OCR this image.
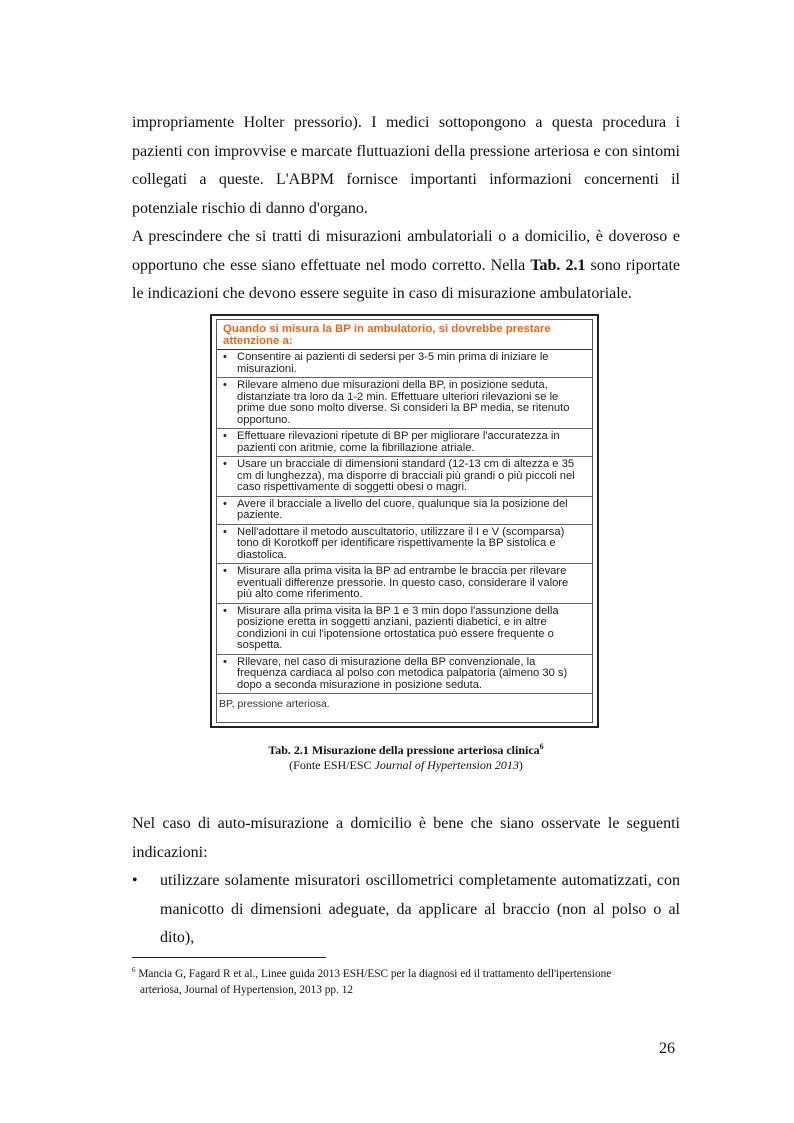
impropriamente Holter pressorio). I medici sottopongono a questa procedura i pazienti con improvvise e marcate fluttuazioni della pressione arteriosa e con sintomi collegati a queste. L'ABPM fornisce importanti informazioni concernenti il potenziale rischio di danno d'organo.

A prescindere che si tratti di misurazioni ambulatoriali o a domicilio, è doveroso e opportuno che esse siano effettuate nel modo corretto. Nella Tab. 2.1 sono riportate le indicazioni che devono essere seguite in caso di misurazione ambulatoriale.

Quando si misura la BP in ambulatorio, si dovrebbe prestare attenzione a:
• Consentire ai pazienti di sedersi per 3-5 min prima di iniziare le misurazioni.
• Rilevare almeno due misurazioni della BP, in posizione seduta, distanziate tra loro da 1-2 min. Effettuare ulteriori rilevazioni se le prime due sono molto diverse. Si consideri la BP media, se ritenuto opportuno.
• Effettuare rilevazioni ripetute di BP per migliorare l'accuratezza in pazienti con aritmie, come la fibrillazione atriale.
• Usare un bracciale di dimensioni standard (12-13 cm di altezza e 35 cm di lunghezza), ma disporre di bracciali più grandi o più piccoli nel caso rispettivamente di soggetti obesi o magri.
• Avere il bracciale a livello del cuore, qualunque sia la posizione del paziente.
• Nell'adottare il metodo auscultatorio, utilizzare il I e V (scomparsa) tono di Korotkoff per identificare rispettivamente la BP sistolica e diastolica.
• Misurare alla prima visita la BP ad entrambe le braccia per rilevare eventuali differenze pressorie. In questo caso, considerare il valore più alto come riferimento.
• Misurare alla prima visita la BP 1 e 3 min dopo l'assunzione della posizione eretta in soggetti anziani, pazienti diabetici, e in altre condizioni in cui l'ipotensione ortostatica può essere frequente o sospetta.
• Rilevare, nel caso di misurazione della BP convenzionale, la frequenza cardiaca al polso con metodica palpatoria (almeno 30 s) dopo a seconda misurazione in posizione seduta.
BP, pressione arteriosa.
Tab. 2.1 Misurazione della pressione arteriosa clinica$^6$
(Fonte ESH/ESC Journal of Hypertension 2013)

Nel caso di auto-misurazione a domicilio è bene che siano osservate le seguenti indicazioni:

•	utilizzare solamente misuratori oscillometrici completamente automatizzati, con manicotto di dimensioni adeguate, da applicare al braccio (non al polso o al dito),
$^6$ Mancia G, Fagard R et al., Linee guida 2013 ESH/ESC per la diagnosi ed il trattamento dell'ipertensione
arteriosa, Journal of Hypertension, 2013 pp. 12
26
